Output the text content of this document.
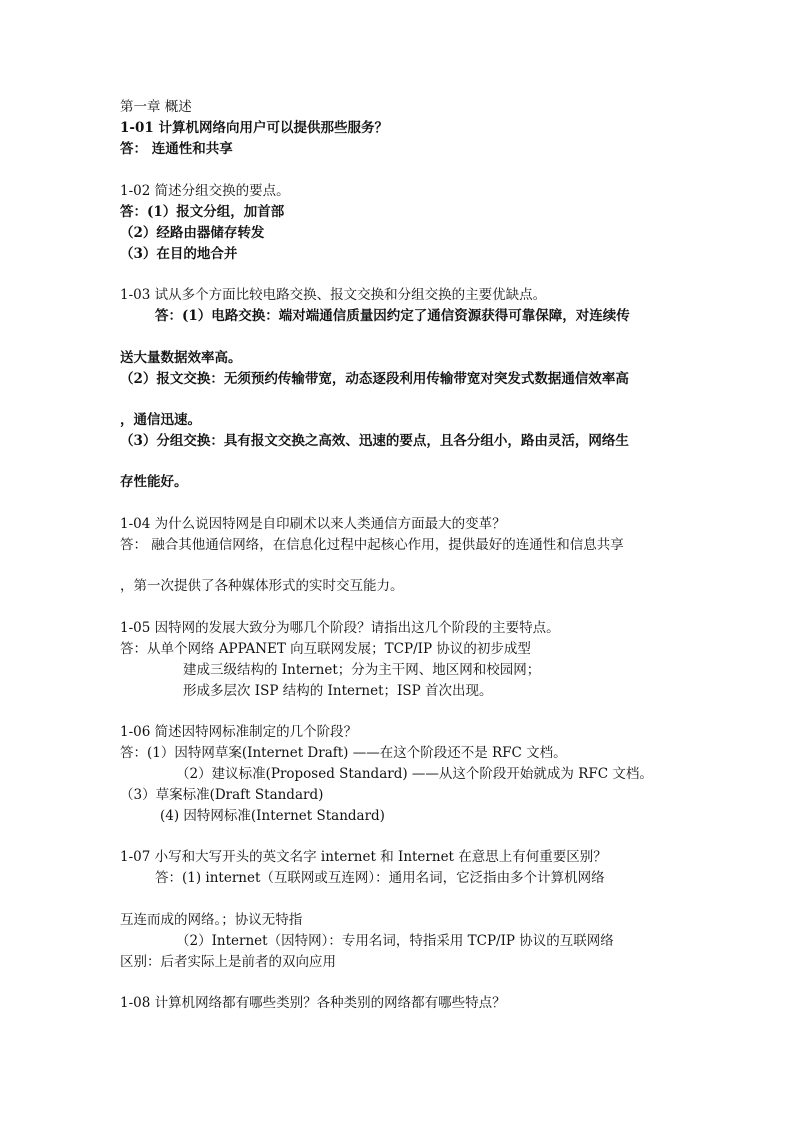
第一章 概述
1-01 计算机网络向用户可以提供那些服务？
答： 连通性和共享
1-02 简述分组交换的要点。
答：(1）报文分组，加首部
（2）经路由器储存转发
（3）在目的地合并
1-03 试从多个方面比较电路交换、报文交换和分组交换的主要优缺点。
答：(1）电路交换：端对端通信质量因约定了通信资源获得可靠保障，对连续传
送大量数据效率高。
（2）报文交换：无须预约传输带宽，动态逐段利用传输带宽对突发式数据通信效率高
，通信迅速。
（3）分组交换：具有报文交换之高效、迅速的要点，且各分组小，路由灵活，网络生
存性能好。
1-04 为什么说因特网是自印刷术以来人类通信方面最大的变革？
答： 融合其他通信网络，在信息化过程中起核心作用，提供最好的连通性和信息共享
，第一次提供了各种媒体形式的实时交互能力。
1-05 因特网的发展大致分为哪几个阶段？请指出这几个阶段的主要特点。
答：从单个网络 APPANET 向互联网发展；TCP/IP 协议的初步成型
建成三级结构的 Internet；分为主干网、地区网和校园网；
形成多层次 ISP 结构的 Internet；ISP 首次出现。
1-06 简述因特网标准制定的几个阶段？
答：(1）因特网草案(Internet Draft) ——在这个阶段还不是 RFC 文档。
（2）建议标准(Proposed Standard) ——从这个阶段开始就成为 RFC 文档。
（3）草案标准(Draft Standard)
(4) 因特网标准(Internet Standard)
1-07 小写和大写开头的英文名字 internet 和 Internet 在意思上有何重要区别？
答：(1) internet（互联网或互连网）：通用名词，它泛指由多个计算机网络
互连而成的网络。；协议无特指
（2）Internet（因特网）：专用名词，特指采用 TCP/IP 协议的互联网络
区别：后者实际上是前者的双向应用
1-08 计算机网络都有哪些类别？各种类别的网络都有哪些特点？
